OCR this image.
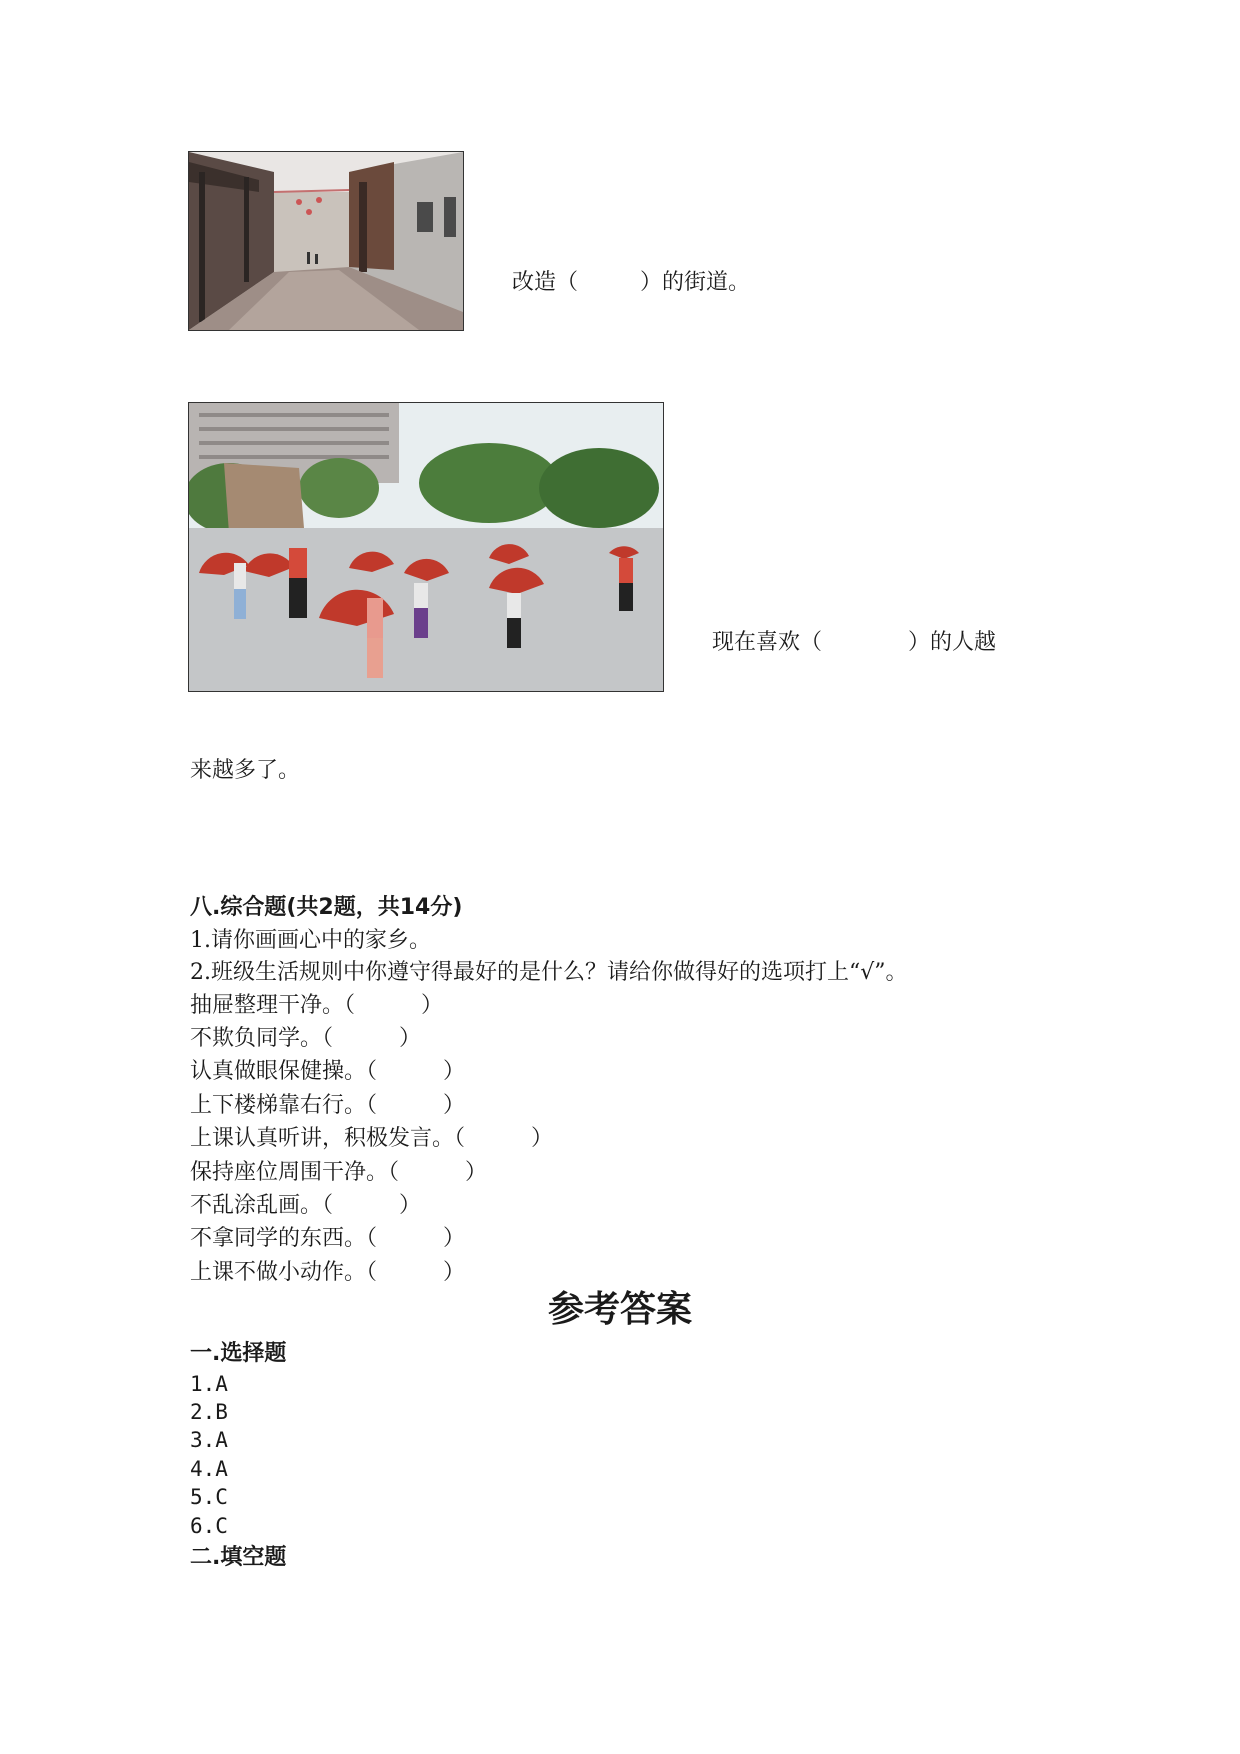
改造（	）的街道。
现在喜欢（	）的人越
来越多了。
八.综合题(共2题，共14分)
1.请你画画心中的家乡。
2.班级生活规则中你遵守得最好的是什么？请给你做得好的选项打上“√”。
抽屉整理干净。（　　　）
不欺负同学。（　　　）
认真做眼保健操。（　　　）
上下楼梯靠右行。（　　　）
上课认真听讲，积极发言。（　　　）
保持座位周围干净。（　　　）
不乱涂乱画。（　　　）
不拿同学的东西。（　　　）
上课不做小动作。（　　　）
参考答案
一.选择题
1.A
2.B
3.A
4.A
5.C
6.C
二.填空题
